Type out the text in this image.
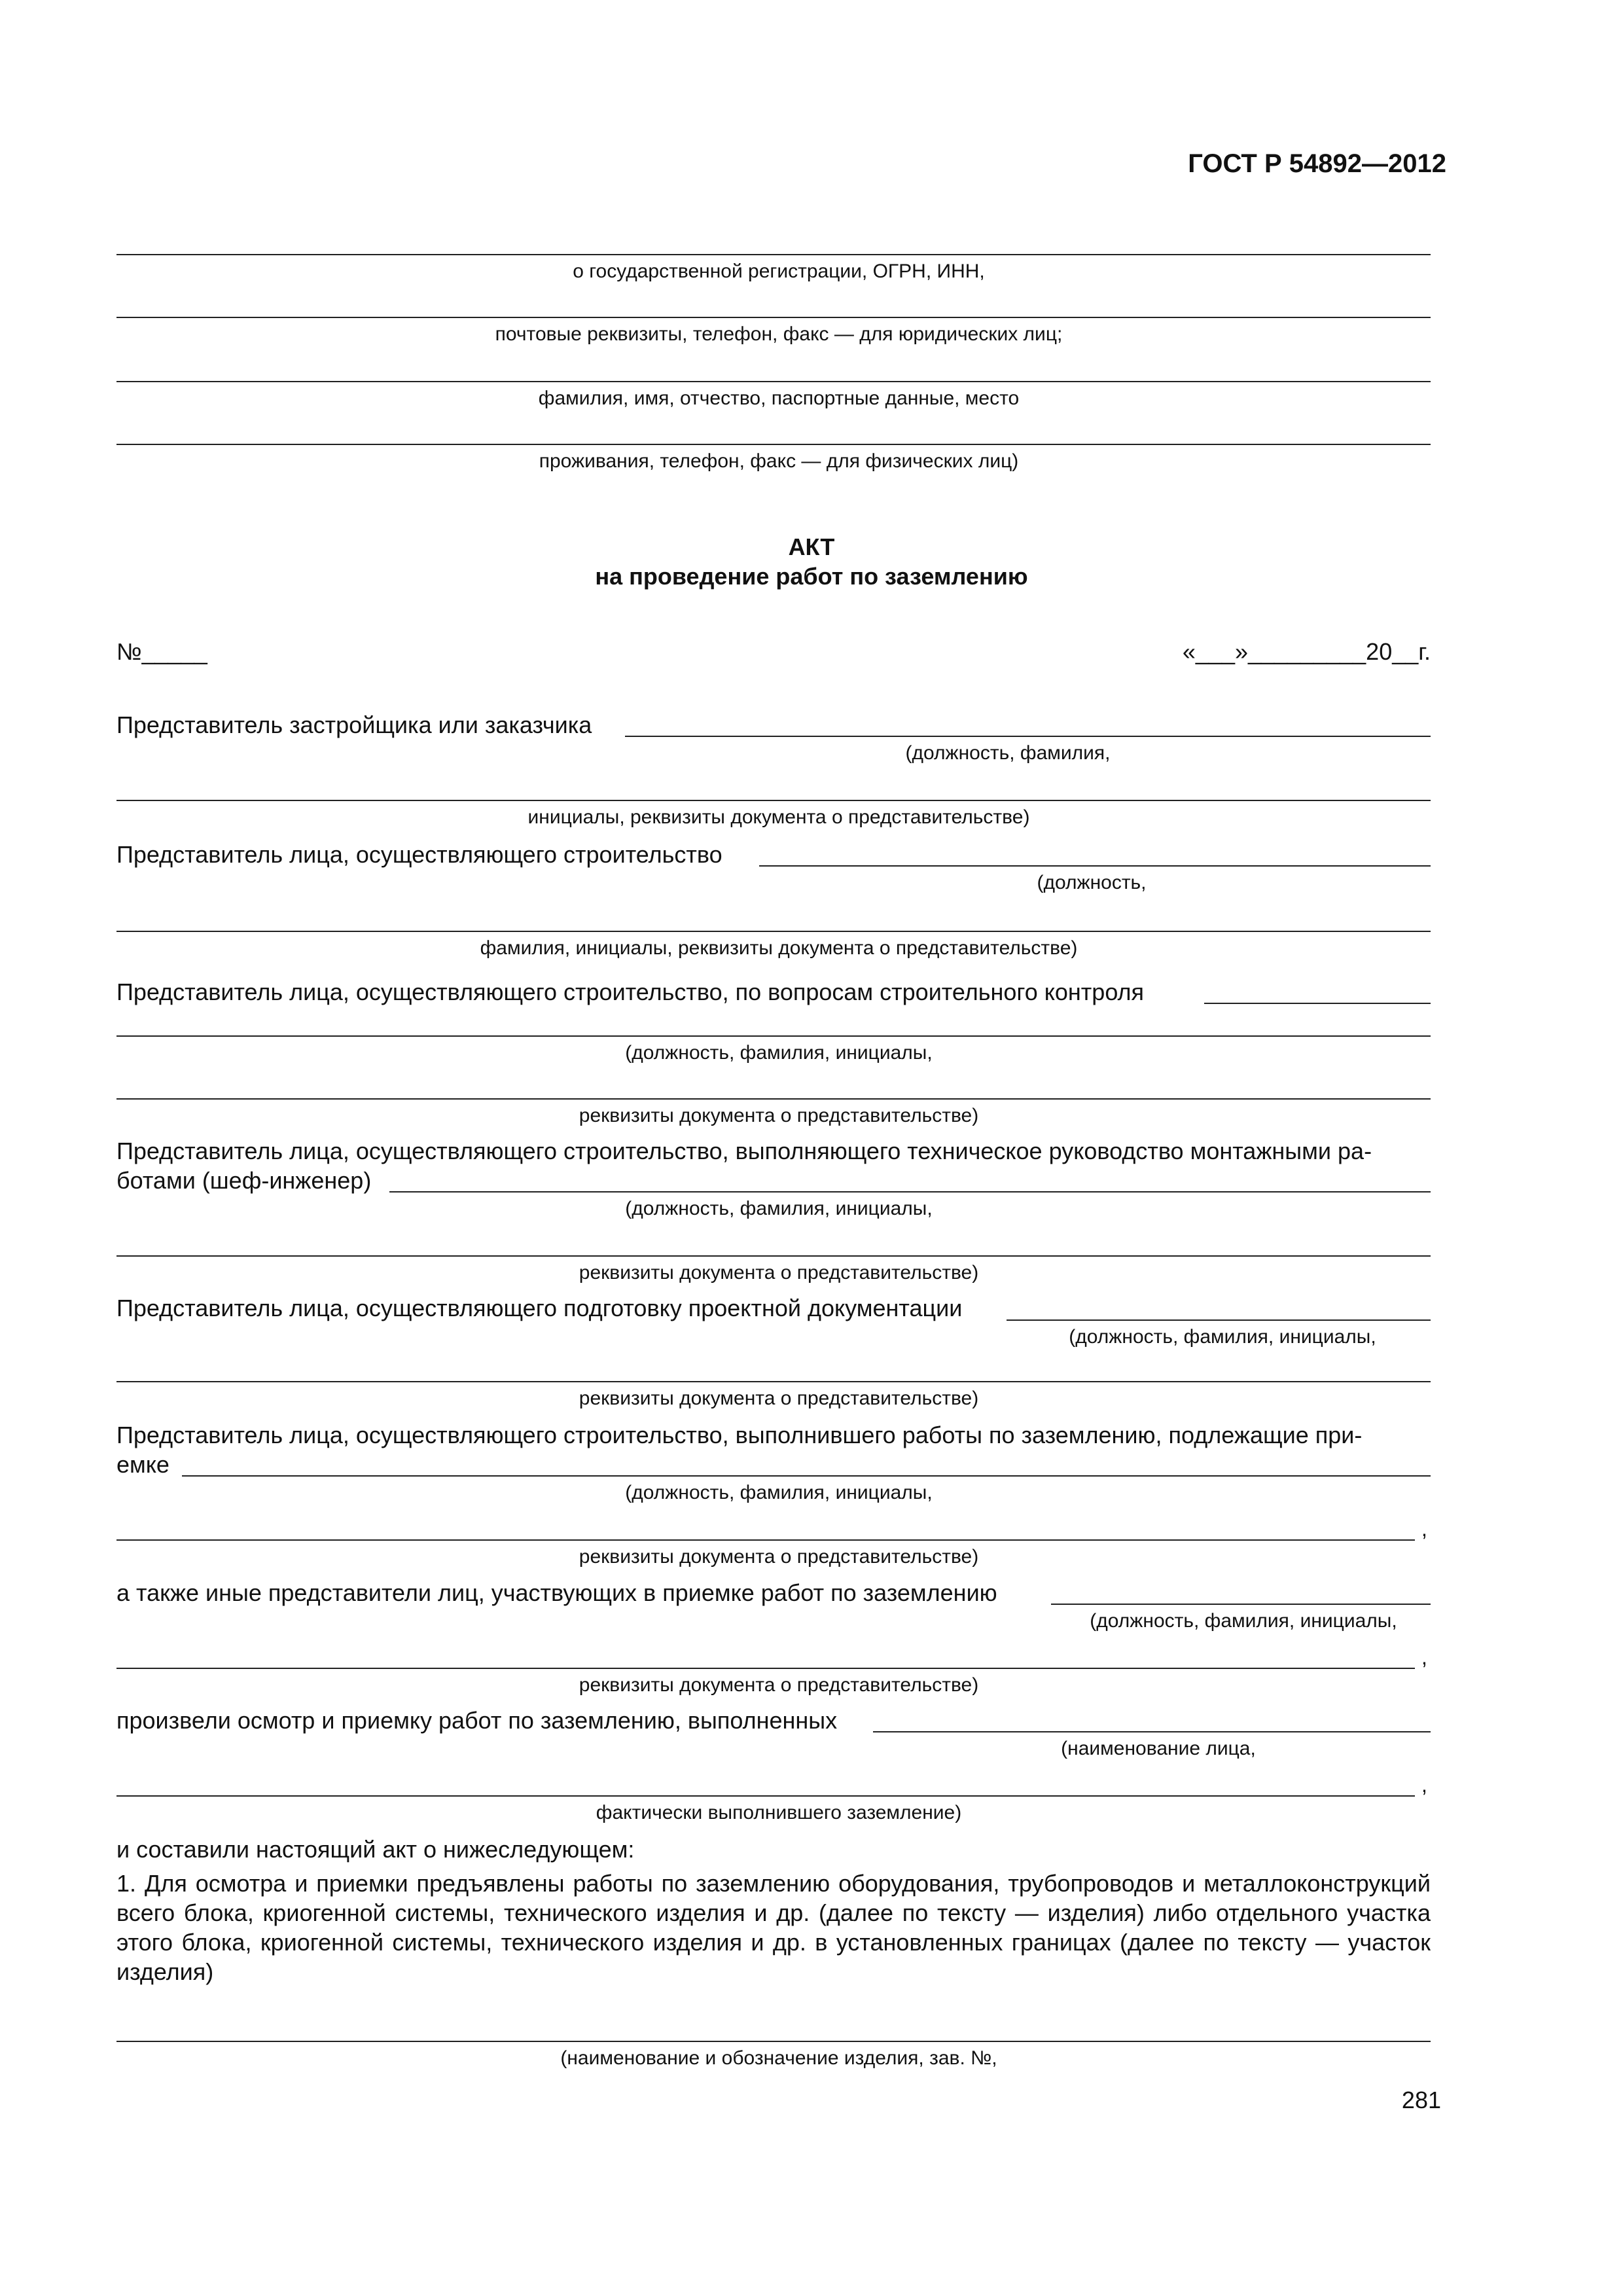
ГОСТ Р 54892—2012
о государственной регистрации, ОГРН, ИНН,
почтовые реквизиты, телефон, факс — для юридических лиц;
фамилия, имя, отчество, паспортные данные, место
проживания, телефон, факс — для физических лиц)
АКТ
на проведение работ по заземлению
№_____	«___»_________20__г.
Представитель застройщика или заказчика
(должность, фамилия,
инициалы, реквизиты документа о представительстве)
Представитель лица, осуществляющего строительство
(должность,
фамилия, инициалы, реквизиты документа о представительстве)
Представитель лица, осуществляющего строительство, по вопросам строительного контроля
(должность, фамилия, инициалы,
реквизиты документа о представительстве)
Представитель лица, осуществляющего строительство, выполняющего техническое руководство монтажными ра-
ботами (шеф-инженер)
(должность, фамилия, инициалы,
реквизиты документа о представительстве)
Представитель лица, осуществляющего подготовку проектной документации
(должность, фамилия, инициалы,
реквизиты документа о представительстве)
Представитель лица, осуществляющего строительство, выполнившего работы по заземлению, подлежащие при-
емке
(должность, фамилия, инициалы,
,
реквизиты документа о представительстве)
а также иные представители лиц, участвующих в приемке работ по заземлению
(должность, фамилия, инициалы,
,
реквизиты документа о представительстве)
произвели осмотр и приемку работ по заземлению, выполненных
(наименование лица,
,
фактически выполнившего заземление)
и составили настоящий акт о нижеследующем:
1. Для осмотра и приемки предъявлены работы по заземлению оборудования, трубопроводов и металлоконструкций всего блока, криогенной системы, технического изделия и др. (далее по тексту — изделия) либо отдельного участка этого блока, криогенной системы, технического изделия и др. в установленных границах (далее по тексту — участок изделия)
(наименование и обозначение изделия, зав. №,
281
